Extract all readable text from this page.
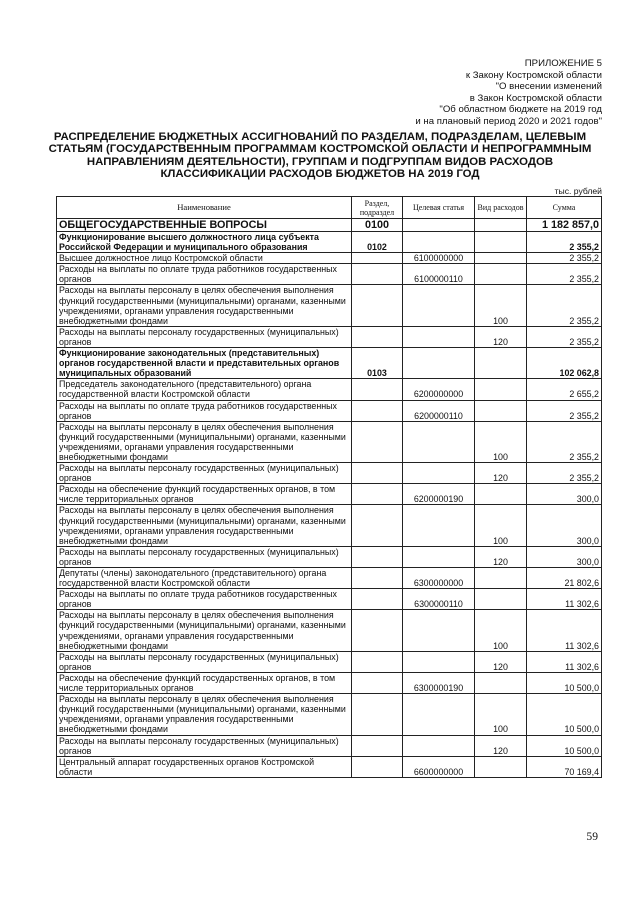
ПРИЛОЖЕНИЕ 5
к Закону Костромской области
"О внесении изменений
в Закон Костромской области
"Об областном бюджете на 2019 год
и на плановый период 2020 и 2021 годов"
РАСПРЕДЕЛЕНИЕ БЮДЖЕТНЫХ АССИГНОВАНИЙ ПО РАЗДЕЛАМ, ПОДРАЗДЕЛАМ, ЦЕЛЕВЫМ СТАТЬЯМ (ГОСУДАРСТВЕННЫМ ПРОГРАММАМ КОСТРОМСКОЙ ОБЛАСТИ И НЕПРОГРАММНЫМ НАПРАВЛЕНИЯМ ДЕЯТЕЛЬНОСТИ), ГРУППАМ И ПОДГРУППАМ ВИДОВ РАСХОДОВ КЛАССИФИКАЦИИ РАСХОДОВ БЮДЖЕТОВ НА 2019 ГОД
тыс. рублей
Наименование	Раздел, подраздел	Целевая статья	Вид расходов	Сумма
ОБЩЕГОСУДАРСТВЕННЫЕ ВОПРОСЫ	0100			1 182 857,0
Функционирование высшего должностного лица субъекта Российской Федерации и муниципального образования	0102			2 355,2
Высшее должностное лицо Костромской области		6100000000		2 355,2
Расходы на выплаты по оплате труда работников государственных органов		6100000110		2 355,2
Расходы на выплаты персоналу в целях обеспечения выполнения функций государственными (муниципальными) органами, казенными учреждениями, органами управления государственными внебюджетными фондами			100	2 355,2
Расходы на выплаты персоналу государственных (муниципальных) органов			120	2 355,2
Функционирование законодательных (представительных) органов государственной власти и представительных органов муниципальных образований	0103			102 062,8
Председатель законодательного (представительного) органа государственной власти Костромской области		6200000000		2 655,2
Расходы на выплаты по оплате труда работников государственных органов		6200000110		2 355,2
Расходы на выплаты персоналу в целях обеспечения выполнения функций государственными (муниципальными) органами, казенными учреждениями, органами управления государственными внебюджетными фондами			100	2 355,2
Расходы на выплаты персоналу государственных (муниципальных) органов			120	2 355,2
Расходы на обеспечение функций государственных органов, в том числе территориальных органов		6200000190		300,0
Расходы на выплаты персоналу в целях обеспечения выполнения функций государственными (муниципальными) органами, казенными учреждениями, органами управления государственными внебюджетными фондами			100	300,0
Расходы на выплаты персоналу государственных (муниципальных) органов			120	300,0
Депутаты (члены) законодательного (представительного) органа государственной власти Костромской области		6300000000		21 802,6
Расходы на выплаты по оплате труда работников государственных органов		6300000110		11 302,6
Расходы на выплаты персоналу в целях обеспечения выполнения функций государственными (муниципальными) органами, казенными учреждениями, органами управления государственными внебюджетными фондами			100	11 302,6
Расходы на выплаты персоналу государственных (муниципальных) органов			120	11 302,6
Расходы на обеспечение функций государственных органов, в том числе территориальных органов		6300000190		10 500,0
Расходы на выплаты персоналу в целях обеспечения выполнения функций государственными (муниципальными) органами, казенными учреждениями, органами управления государственными внебюджетными фондами			100	10 500,0
Расходы на выплаты персоналу государственных (муниципальных) органов			120	10 500,0
Центральный аппарат государственных органов Костромской области		6600000000		70 169,4
59
